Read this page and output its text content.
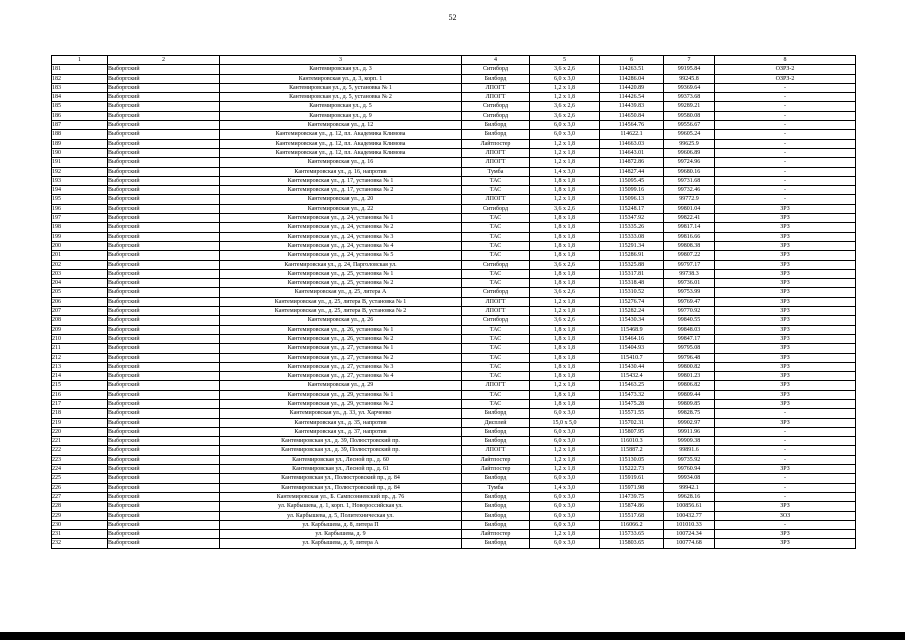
52
1	2	3	4	5	6	7	8
181	Выборгский	Кантемировская ул., д. 3	Ситиборд	3,6 х 2,6	114263.51	99195.84	ОЗРЗ-2
182	Выборгский	Кантемировская ул., д. 3, корп. 1	Билборд	6,0 х 3,0	114286.04	99245.8	ОЗРЗ-2
183	Выборгский	Кантемировская ул., д. 5, установка № 1	ЛПОГТ	1,2 х 1,8	114420.89	99369.64	-
184	Выборгский	Кантемировская ул., д. 5, установка № 2	ЛПОГТ	1,2 х 1,8	114426.54	99373.68	-
185	Выборгский	Кантемировская ул., д. 5	Ситиборд	3,6 х 2,6	114439.83	99289.21	-
186	Выборгский	Кантемировская ул., д. 9	Ситиборд	3,6 х 2,6	114650.84	99580.08	-
187	Выборгский	Кантемировская ул., д. 12	Билборд	6,0 х 3,0	114564.76	99556.67	-
188	Выборгский	Кантемировская ул., д. 12, пл. Академика Климова	Билборд	6,0 х 3,0	114622.1	99605.24	-
189	Выборгский	Кантемировская ул., д. 12, пл. Академика Климова	Лайтпостер	1,2 х 1,8	114663.03	99625.9	-
190	Выборгский	Кантемировская ул., д. 12, пл. Академика Климова	ЛПОГТ	1,2 х 1,8	114643.01	99606.89	-
191	Выборгский	Кантемировская ул., д. 16	ЛПОГТ	1,2 х 1,8	114872.86	99724.96	-
192	Выборгский	Кантемировская ул., д. 16, напротив	Тумба	1,4 х 3,0	114827.44	99680.16	-
193	Выборгский	Кантемировская ул., д. 17, установка № 1	ТАС	1,8 х 1,8	115095.45	99731.68	-
194	Выборгский	Кантемировская ул., д. 17, установка № 2	ТАС	1,8 х 1,8	115099.16	99732.46	-
195	Выборгский	Кантемировская ул., д. 20	ЛПОГТ	1,2 х 1,8	115096.13	99772.9	-
196	Выборгский	Кантемировская ул., д. 22	Ситиборд	3,6 х 2,6	115248.17	99801.04	ЗРЗ
197	Выборгский	Кантемировская ул., д. 24, установка № 1	ТАС	1,8 х 1,8	115347.92	99822.41	ЗРЗ
198	Выборгский	Кантемировская ул., д. 24, установка № 2	ТАС	1,8 х 1,8	115335.26	99817.14	ЗРЗ
199	Выборгский	Кантемировская ул., д. 24, установка № 3	ТАС	1,8 х 1,8	115333.08	99816.66	ЗРЗ
200	Выборгский	Кантемировская ул., д. 24, установка № 4	ТАС	1,8 х 1,8	115291.34	99808.38	ЗРЗ
201	Выборгский	Кантемировская ул., д. 24, установка № 5	ТАС	1,8 х 1,8	115286.91	99807.22	ЗРЗ
202	Выборгский	Кантемировская ул., д. 24, Парголовская ул.	Ситиборд	3,6 х 2,6	115325.88	99797.17	ЗРЗ
203	Выборгский	Кантемировская ул., д. 25, установка № 1	ТАС	1,8 х 1,8	115317.81	99738.3	ЗРЗ
204	Выборгский	Кантемировская ул., д. 25, установка № 2	ТАС	1,8 х 1,8	115318.48	99736.01	ЗРЗ
205	Выборгский	Кантемировская ул., д. 25, литера А	Ситиборд	3,6 х 2,6	115310.52	99753.99	ЗРЗ
206	Выборгский	Кантемировская ул., д. 25, литера В, установка № 1	ЛПОГТ	1,2 х 1,8	115276.74	99769.47	ЗРЗ
207	Выборгский	Кантемировская ул., д. 25, литера В, установка № 2	ЛПОГТ	1,2 х 1,8	115282.24	99770.92	ЗРЗ
208	Выборгский	Кантемировская ул., д. 26	Ситиборд	3,6 х 2,6	115430.34	99840.55	ЗРЗ
209	Выборгский	Кантемировская ул., д. 26, установка № 1	ТАС	1,8 х 1,8	115468.9	99848.03	ЗРЗ
210	Выборгский	Кантемировская ул., д. 26, установка № 2	ТАС	1,8 х 1,8	115464.16	99847.17	ЗРЗ
211	Выборгский	Кантемировская ул., д. 27, установка № 1	ТАС	1,8 х 1,8	115404.93	99795.08	ЗРЗ
212	Выборгский	Кантемировская ул., д. 27, установка № 2	ТАС	1,8 х 1,8	115410.7	99796.48	ЗРЗ
213	Выборгский	Кантемировская ул., д. 27, установка № 3	ТАС	1,8 х 1,8	115430.44	99800.82	ЗРЗ
214	Выборгский	Кантемировская ул., д. 27, установка № 4	ТАС	1,8 х 1,8	115432.4	99801.23	ЗРЗ
215	Выборгский	Кантемировская ул., д. 29	ЛПОГТ	1,2 х 1,8	115463.25	99806.82	ЗРЗ
216	Выборгский	Кантемировская ул., д. 29, установка № 1	ТАС	1,8 х 1,8	115473.32	99809.44	ЗРЗ
217	Выборгский	Кантемировская ул., д. 29, установка № 2	ТАС	1,8 х 1,8	115475.28	99809.85	ЗРЗ
218	Выборгский	Кантемировская ул., д. 33, ул. Харченко	Билборд	6,0 х 3,0	115571.55	99828.75	-
219	Выборгский	Кантемировская ул., д. 35, напротив	Дисплей	15,0 х 5,0	115702.31	99902.97	ЗРЗ
220	Выборгский	Кантемировская ул., д. 37, напротив	Билборд	6,0 х 3,0	115807.95	99911.96	-
221	Выборгский	Кантемировская ул., д. 39, Полюстровский пр.	Билборд	6,0 х 3,0	116010.3	99909.38	-
222	Выборгский	Кантемировская ул., д. 39, Полюстровский пр.	ЛПОГТ	1,2 х 1,8	115887.2	99891.6	-
223	Выборгский	Кантемировская ул., Лесной пр., д. 60	Лайтпостер	1,2 х 1,8	115130.05	99735.92	-
224	Выборгский	Кантемировская ул., Лесной пр., д. 61	Лайтпостер	1,2 х 1,8	115222.73	99760.94	ЗРЗ
225	Выборгский	Кантемировская ул., Полюстровский пр., д. 84	Билборд	6,0 х 3,0	115919.61	99934.08	-
226	Выборгский	Кантемировская ул., Полюстровский пр., д. 84	Тумба	1,4 х 3,0	115971.98	99942.1	-
227	Выборгский	Кантемировская ул., Б. Сампсониевский пр., д. 76	Билборд	6,0 х 3,0	114739.75	99628.16	-
228	Выборгский	ул. Карбышева, д. 1, корп. 1, Новороссийская ул.	Билборд	6,0 х 3,0	115874.86	100856.61	ЗРЗ
229	Выборгский	ул. Карбышева, д. 5, Политехническая ул.	Билборд	6,0 х 3,0	115517.68	100432.77	ЗОЗ
230	Выборгский	ул. Карбышева, д. 8, литера П	Билборд	6,0 х 3,0	116066.2	101010.33	-
231	Выборгский	ул. Карбышева, д. 9	Лайтпостер	1,2 х 1,8	115733.65	100724.34	ЗРЗ
232	Выборгский	ул. Карбышева, д. 9, литера А	Билборд	6,0 х 3,0	115803.65	100774.68	ЗРЗ
